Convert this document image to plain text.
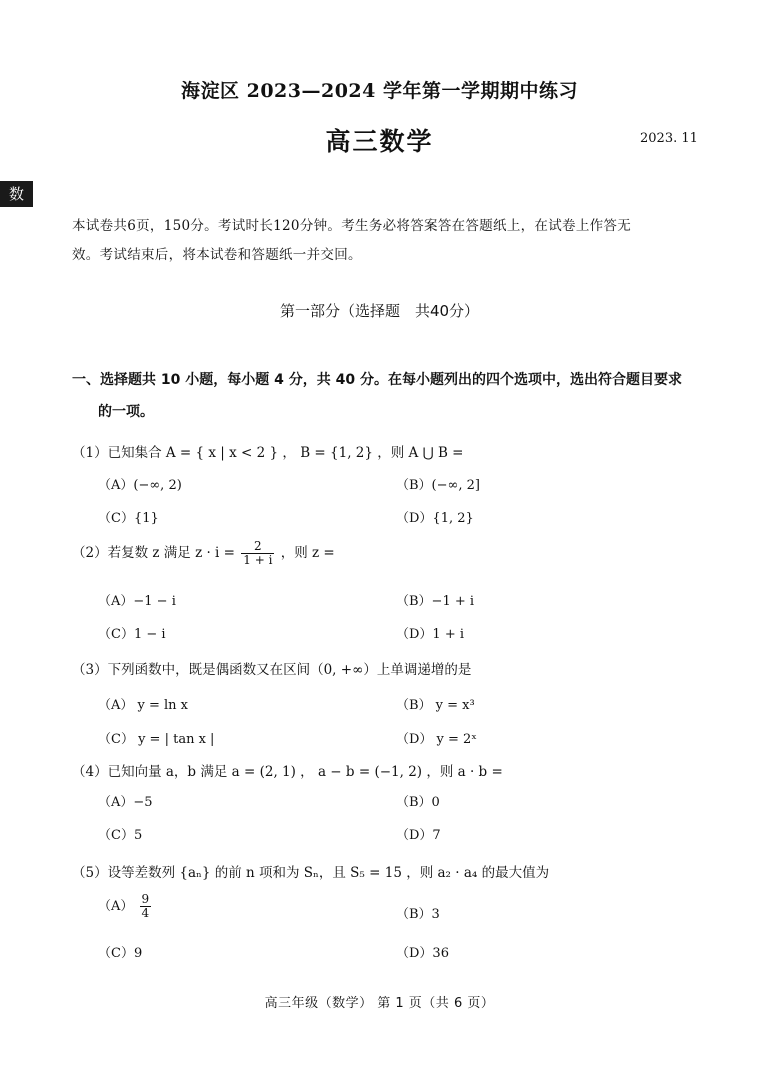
数
海淀区 2023—2024 学年第一学期期中练习
高三数学	2023. 11
本试卷共6页，150分。考试时长120分钟。考生务必将答案答在答题纸上，在试卷上作答无
效。考试结束后，将本试卷和答题纸一并交回。
第一部分（选择题　共40分）
一、选择题共 10 小题，每小题 4 分，共 40 分。在每小题列出的四个选项中，选出符合题目要求
的一项。
（1）已知集合 A = { x | x < 2 } ， B = {1, 2} ，则 A ⋃ B =
（A）(−∞, 2)	（B）(−∞, 2]
（C）{1}	（D）{1, 2}
（2）若复数 z 满足 $z \cdot i = \frac{2}{1 + i}$ ，则 z =
（A）−1 − i	（B）−1 + i
（C）1 − i	（D）1 + i
（3）下列函数中，既是偶函数又在区间（0, +∞）上单调递增的是
（A） y = ln x	（B） y = x³
（C） y = | tan x |	（D） y = 2ˣ
（4）已知向量 a，b 满足 a = (2, 1) ， a − b = (−1, 2) ，则 a · b =
（A）−5	（B）0
（C）5	（D）7
（5）设等差数列 {aₙ} 的前 n 项和为 Sₙ，且 S₅ = 15 ，则 a₂ · a₄ 的最大值为
$(A) \frac{9}{4}$	（B）3
（C）9	（D）36
高三年级（数学） 第 1 页（共 6 页）
